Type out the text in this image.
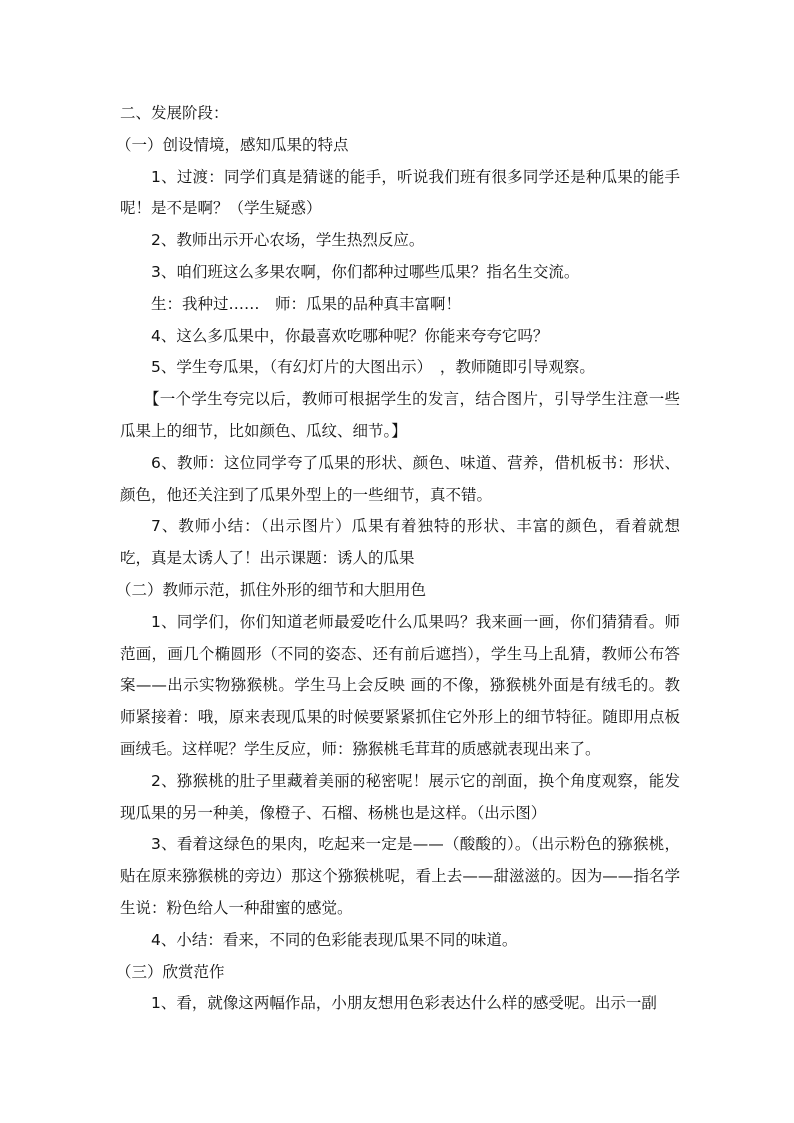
二、发展阶段：

（一）创设情境，感知瓜果的特点

1、过渡：同学们真是猜谜的能手，听说我们班有很多同学还是种瓜果的能手呢！是不是啊？（学生疑惑）

2、教师出示开心农场，学生热烈反应。

3、咱们班这么多果农啊，你们都种过哪些瓜果？指名生交流。

生：我种过……　师：瓜果的品种真丰富啊！

4、这么多瓜果中，你最喜欢吃哪种呢？你能来夸夸它吗？

5、学生夸瓜果，（有幻灯片的大图出示）　，教师随即引导观察。

【一个学生夸完以后，教师可根据学生的发言，结合图片，引导学生注意一些瓜果上的细节，比如颜色、瓜纹、细节。】

6、教师：这位同学夸了瓜果的形状、颜色、味道、营养，借机板书：形状、颜色，他还关注到了瓜果外型上的一些细节，真不错。

7、教师小结：（出示图片）瓜果有着独特的形状、丰富的颜色，看着就想吃，真是太诱人了！出示课题：诱人的瓜果

（二）教师示范，抓住外形的细节和大胆用色

1、同学们，你们知道老师最爱吃什么瓜果吗？我来画一画，你们猜猜看。师范画，画几个椭圆形（不同的姿态、还有前后遮挡），学生马上乱猜，教师公布答案——出示实物猕猴桃。学生马上会反映 画的不像，猕猴桃外面是有绒毛的。教师紧接着：哦，原来表现瓜果的时候要紧紧抓住它外形上的细节特征。随即用点板画绒毛。这样呢？学生反应，师：猕猴桃毛茸茸的质感就表现出来了。

2、猕猴桃的肚子里藏着美丽的秘密呢！展示它的剖面，换个角度观察，能发现瓜果的另一种美，像橙子、石榴、杨桃也是这样。（出示图）

3、看着这绿色的果肉，吃起来一定是——（酸酸的）。（出示粉色的猕猴桃，贴在原来猕猴桃的旁边）那这个猕猴桃呢，看上去——甜滋滋的。因为——指名学生说：粉色给人一种甜蜜的感觉。

4、小结：看来，不同的色彩能表现瓜果不同的味道。

（三）欣赏范作

1、看，就像这两幅作品，小朋友想用色彩表达什么样的感受呢。出示一副
